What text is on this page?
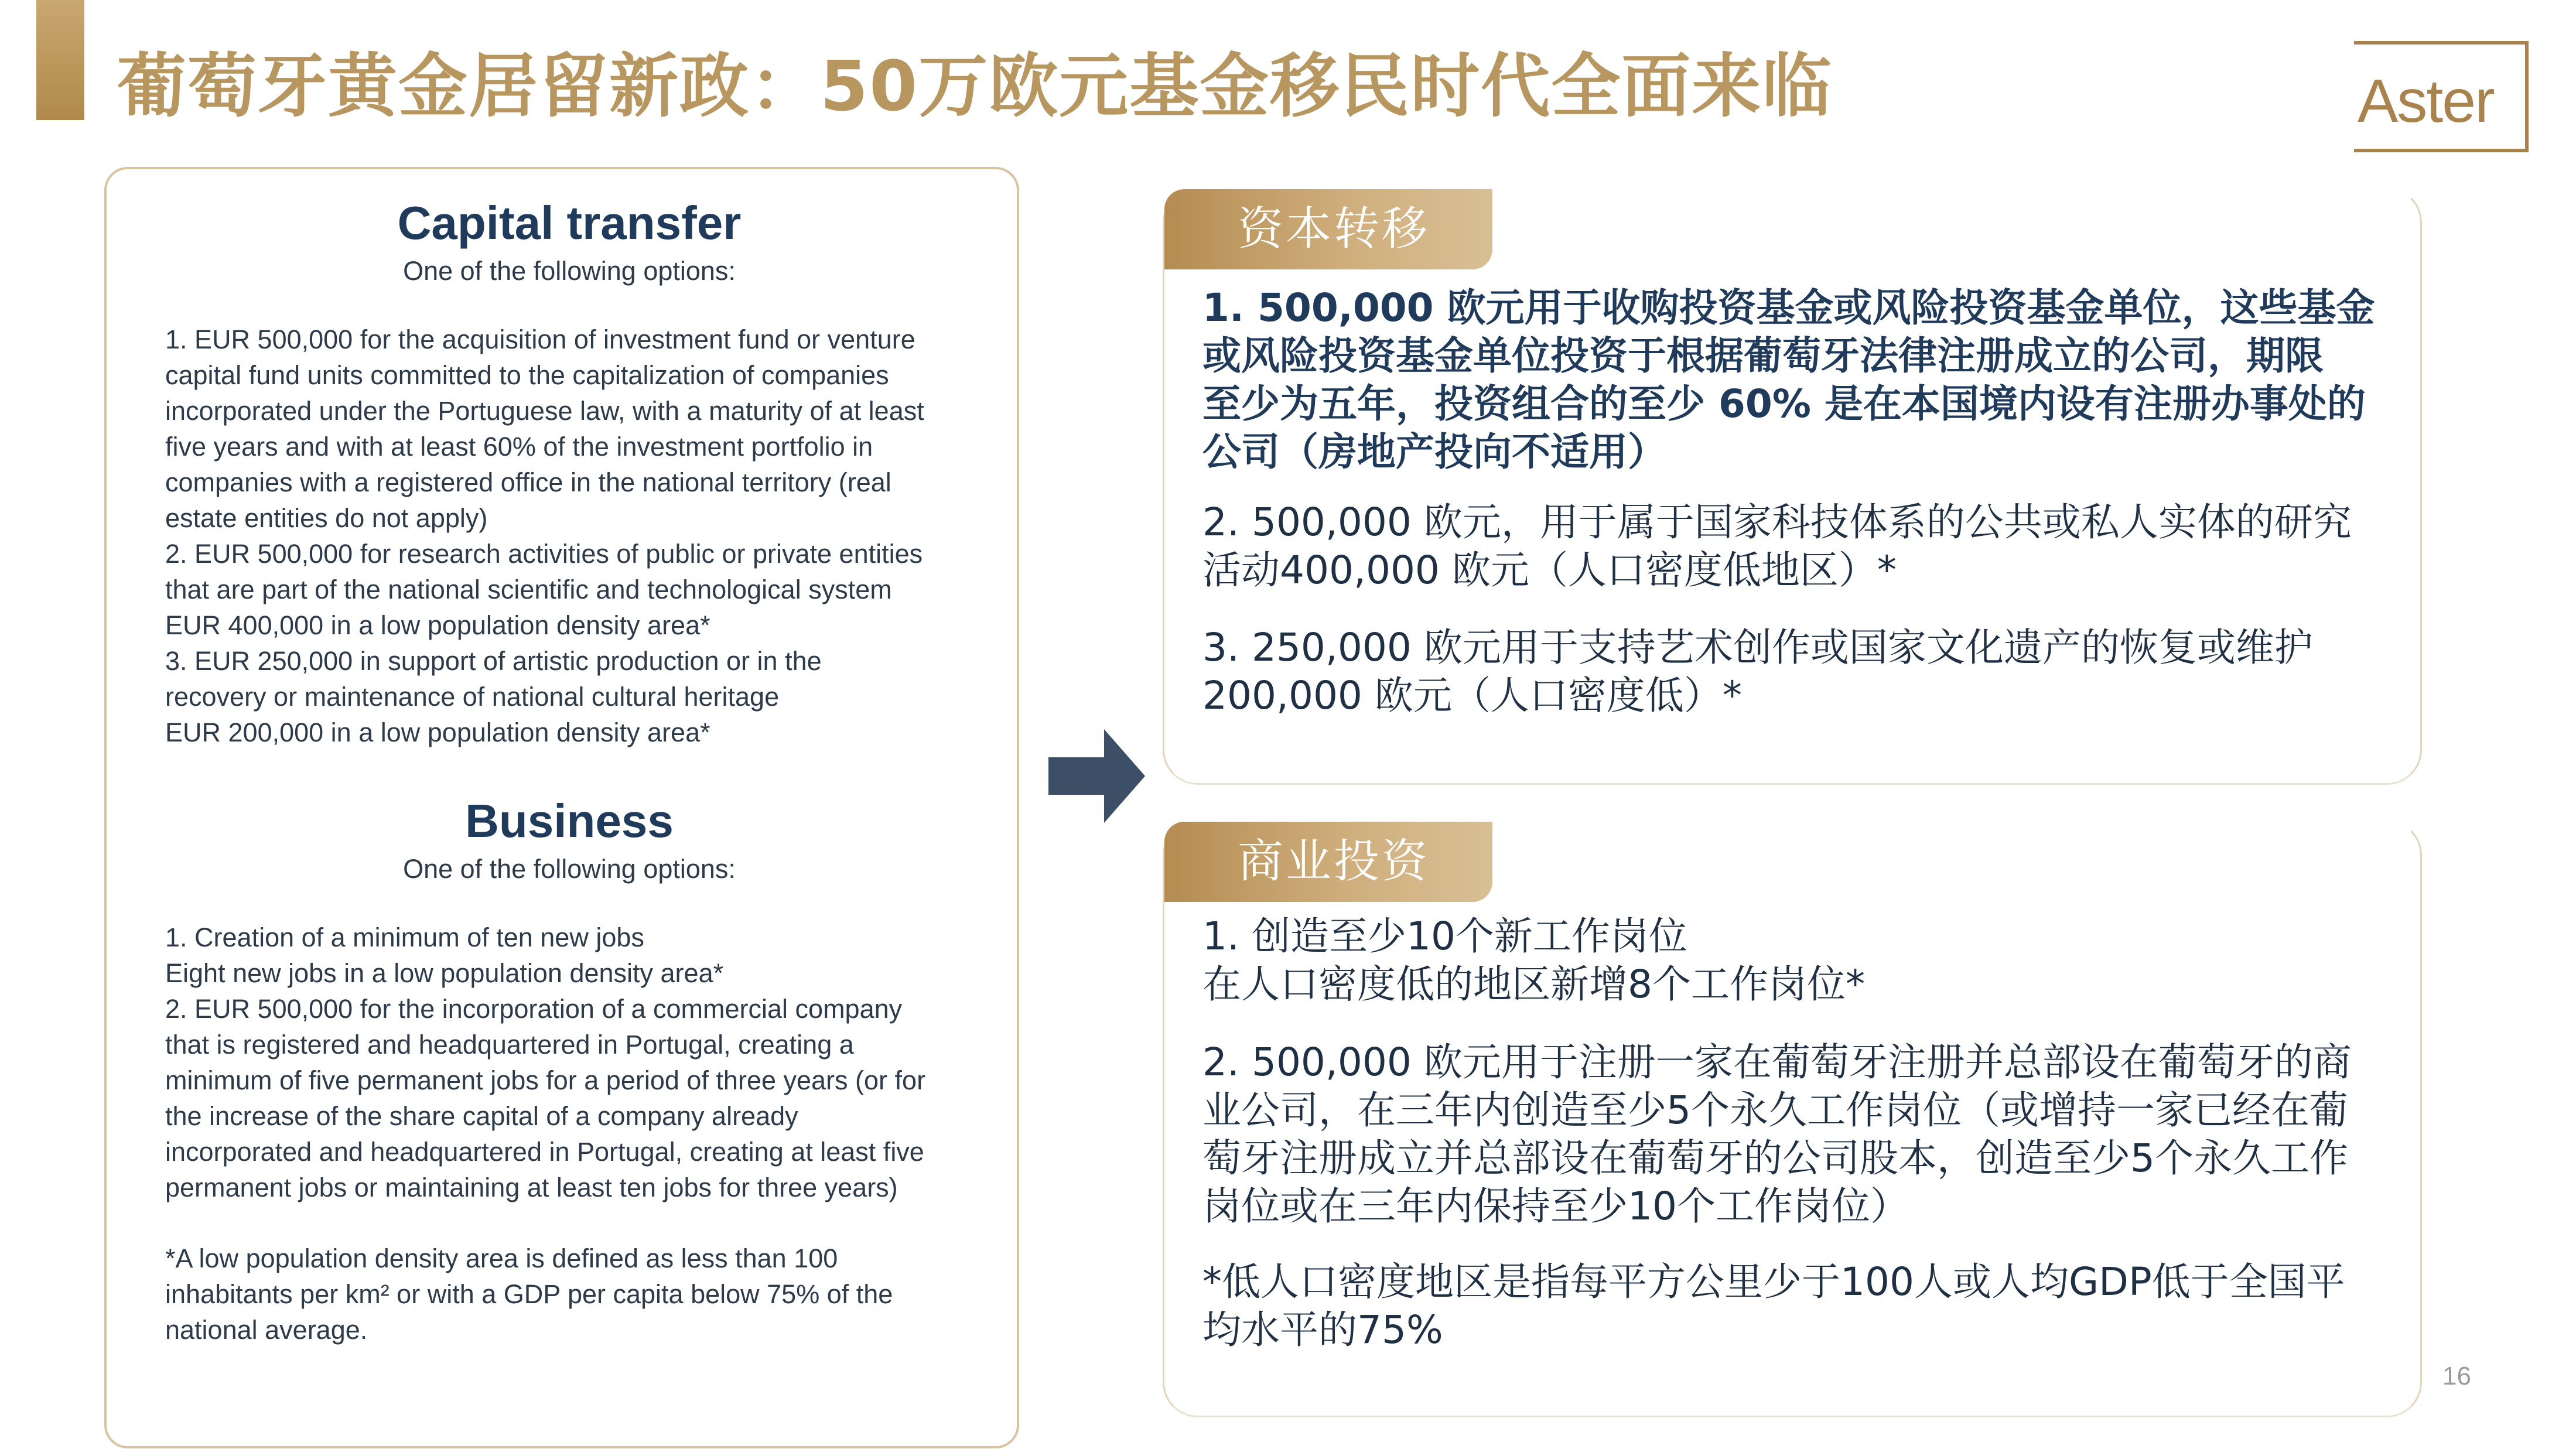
葡萄牙黄金居留新政：50万欧元基金移民时代全面来临	Aster
Capital transfer

One of the following options:

1. EUR 500,000 for the acquisition of investment fund or venture
capital fund units committed to the capitalization of companies
incorporated under the Portuguese law, with a maturity of at least
five years and with at least 60% of the investment portfolio in
companies with a registered office in the national territory (real
estate entities do not apply)
2. EUR 500,000 for research activities of public or private entities
that are part of the national scientific and technological system
EUR 400,000 in a low population density area*
3. EUR 250,000 in support of artistic production or in the
recovery or maintenance of national cultural heritage
EUR 200,000 in a low population density area*

Business

One of the following options:

1. Creation of a minimum of ten new jobs
Eight new jobs in a low population density area*
2. EUR 500,000 for the incorporation of a commercial company
that is registered and headquartered in Portugal, creating a
minimum of five permanent jobs for a period of three years (or for
the increase of the share capital of a company already
incorporated and headquartered in Portugal, creating at least five
permanent jobs or maintaining at least ten jobs for three years)

*A low population density area is defined as less than 100
inhabitants per km² or with a GDP per capita below 75% of the
national average.

资本转移

1. 500,000 欧元用于收购投资基金或风险投资基金单位，这些基金
或风险投资基金单位投资于根据葡萄牙法律注册成立的公司，期限
至少为五年，投资组合的至少 60% 是在本国境内设有注册办事处的
公司（房地产投向不适用）

2. 500,000 欧元，用于属于国家科技体系的公共或私人实体的研究
活动400,000 欧元（人口密度低地区）*

3. 250,000 欧元用于支持艺术创作或国家文化遗产的恢复或维护
200,000 欧元（人口密度低）*

商业投资

1. 创造至少10个新工作岗位
在人口密度低的地区新增8个工作岗位*

2. 500,000 欧元用于注册一家在葡萄牙注册并总部设在葡萄牙的商
业公司，在三年内创造至少5个永久工作岗位（或增持一家已经在葡
萄牙注册成立并总部设在葡萄牙的公司股本，创造至少5个永久工作
岗位或在三年内保持至少10个工作岗位）

*低人口密度地区是指每平方公里少于100人或人均GDP低于全国平
均水平的75%

16
